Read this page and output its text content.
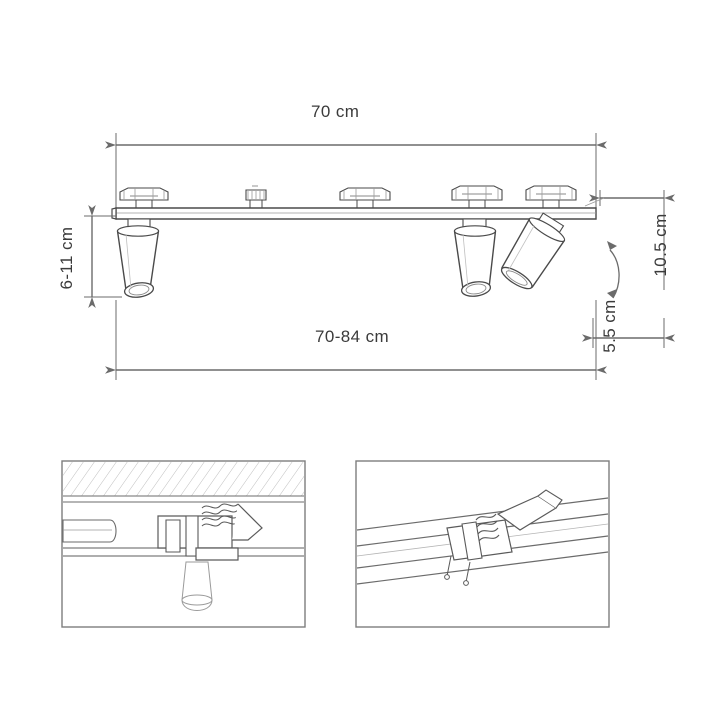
70 cm
70-84 cm
6-11 cm	10.5 cm
5.5 cm
